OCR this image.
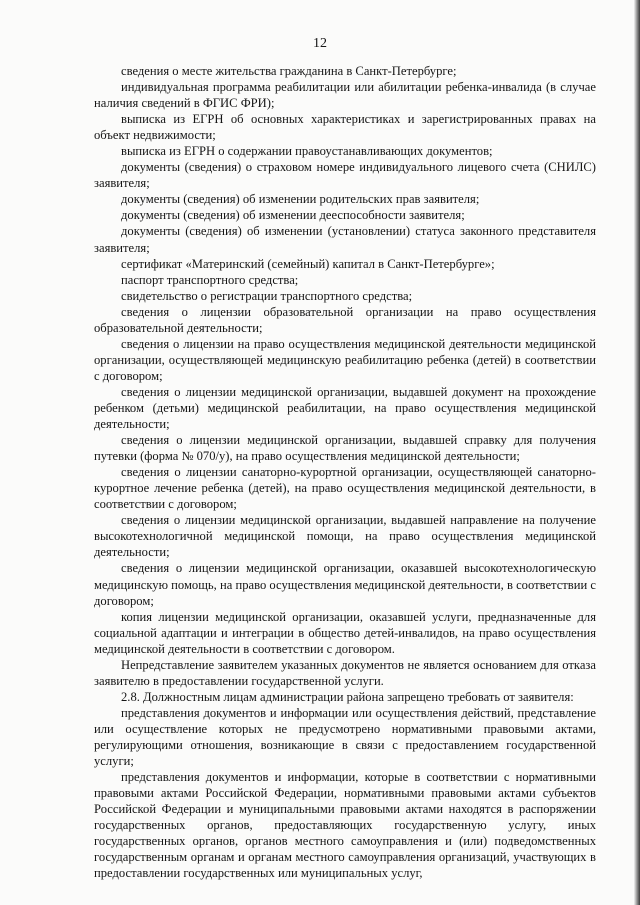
12

сведения о месте жительства гражданина в Санкт-Петербурге;

индивидуальная программа реабилитации или абилитации ребенка-инвалида (в случае наличия сведений в ФГИС ФРИ);

выписка из ЕГРН об основных характеристиках и зарегистрированных правах на объект недвижимости;

выписка из ЕГРН о содержании правоустанавливающих документов;

документы (сведения) о страховом номере индивидуального лицевого счета (СНИЛС) заявителя;

документы (сведения) об изменении родительских прав заявителя;

документы (сведения) об изменении дееспособности заявителя;

документы (сведения) об изменении (установлении) статуса законного представителя заявителя;

сертификат «Материнский (семейный) капитал в Санкт-Петербурге»;

паспорт транспортного средства;

свидетельство о регистрации транспортного средства;

сведения о лицензии образовательной организации на право осуществления образовательной деятельности;

сведения о лицензии на право осуществления медицинской деятельности медицинской организации, осуществляющей медицинскую реабилитацию ребенка (детей) в соответствии с договором;

сведения о лицензии медицинской организации, выдавшей документ на прохождение ребенком (детьми) медицинской реабилитации, на право осуществления медицинской деятельности;

сведения о лицензии медицинской организации, выдавшей справку для получения путевки (форма № 070/у), на право осуществления медицинской деятельности;

сведения о лицензии санаторно-курортной организации, осуществляющей санаторно-курортное лечение ребенка (детей), на право осуществления медицинской деятельности, в соответствии с договором;

сведения о лицензии медицинской организации, выдавшей направление на получение высокотехнологичной медицинской помощи, на право осуществления медицинской деятельности;

сведения о лицензии медицинской организации, оказавшей высокотехнологическую медицинскую помощь, на право осуществления медицинской деятельности, в соответствии с договором;

копия лицензии медицинской организации, оказавшей услуги, предназначенные для социальной адаптации и интеграции в общество детей-инвалидов, на право осуществления медицинской деятельности в соответствии с договором.

Непредставление заявителем указанных документов не является основанием для отказа заявителю в предоставлении государственной услуги.

2.8. Должностным лицам администрации района запрещено требовать от заявителя:

представления документов и информации или осуществления действий, представление или осуществление которых не предусмотрено нормативными правовыми актами, регулирующими отношения, возникающие в связи с предоставлением государственной услуги;

представления документов и информации, которые в соответствии с нормативными правовыми актами Российской Федерации, нормативными правовыми актами субъектов Российской Федерации и муниципальными правовыми актами находятся в распоряжении государственных органов, предоставляющих государственную услугу, иных государственных органов, органов местного самоуправления и (или) подведомственных государственным органам и органам местного самоуправления организаций, участвующих в предоставлении государственных или муниципальных услуг,
